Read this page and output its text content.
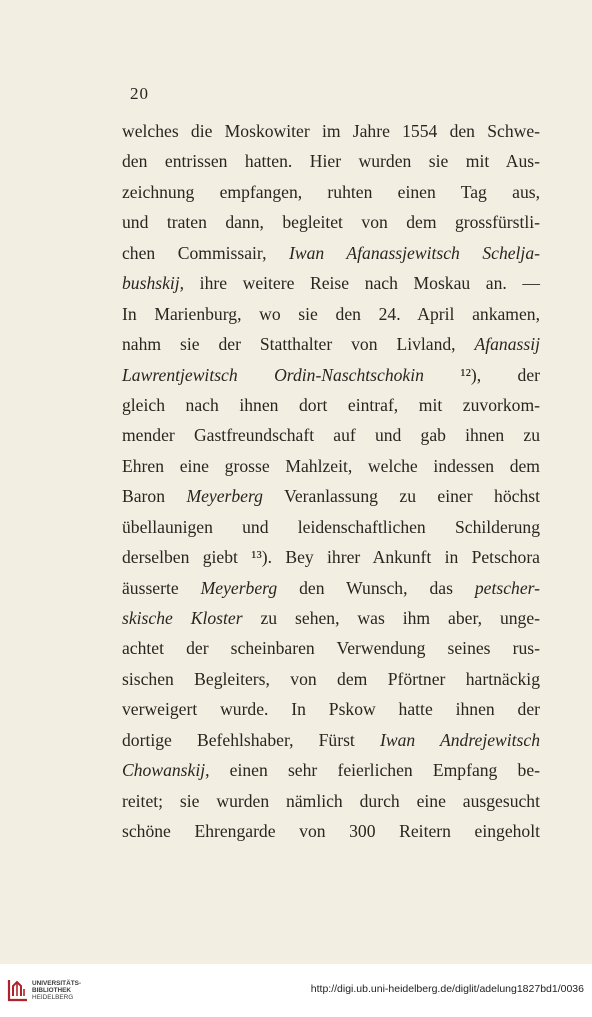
20
welches die Moskowiter im Jahre 1554 den Schwe-
den entrissen hatten. Hier wurden sie mit Aus-
zeichnung empfangen, ruhten einen Tag aus,
und traten dann, begleitet von dem grossfürstli-
chen Commissair, Iwan Afanassjewitsch Schelja-
bushskij, ihre weitere Reise nach Moskau an. —
In Marienburg, wo sie den 24. April ankamen,
nahm sie der Statthalter von Livland, Afanassij
Lawrentjewitsch Ordin-Naschtschokin ¹²), der
gleich nach ihnen dort eintraf, mit zuvorkom-
mender Gastfreundschaft auf und gab ihnen zu
Ehren eine grosse Mahlzeit, welche indessen dem
Baron Meyerberg Veranlassung zu einer höchst
übellaunigen und leidenschaftlichen Schilderung
derselben giebt ¹³). Bey ihrer Ankunft in Petschora
äusserte Meyerberg den Wunsch, das petscher-
skische Kloster zu sehen, was ihm aber, unge-
achtet der scheinbaren Verwendung seines rus-
sischen Begleiters, von dem Pförtner hartnäckig
verweigert wurde. In Pskow hatte ihnen der
dortige Befehlshaber, Fürst Iwan Andrejewitsch
Chowanskij, einen sehr feierlichen Empfang be-
reitet; sie wurden nämlich durch eine ausgesucht
schöne Ehrengarde von 300 Reitern eingeholt
UNIVERSITÄTS-
BIBLIOTHEK
HEIDELBERG
http://digi.ub.uni-heidelberg.de/diglit/adelung1827bd1/0036
